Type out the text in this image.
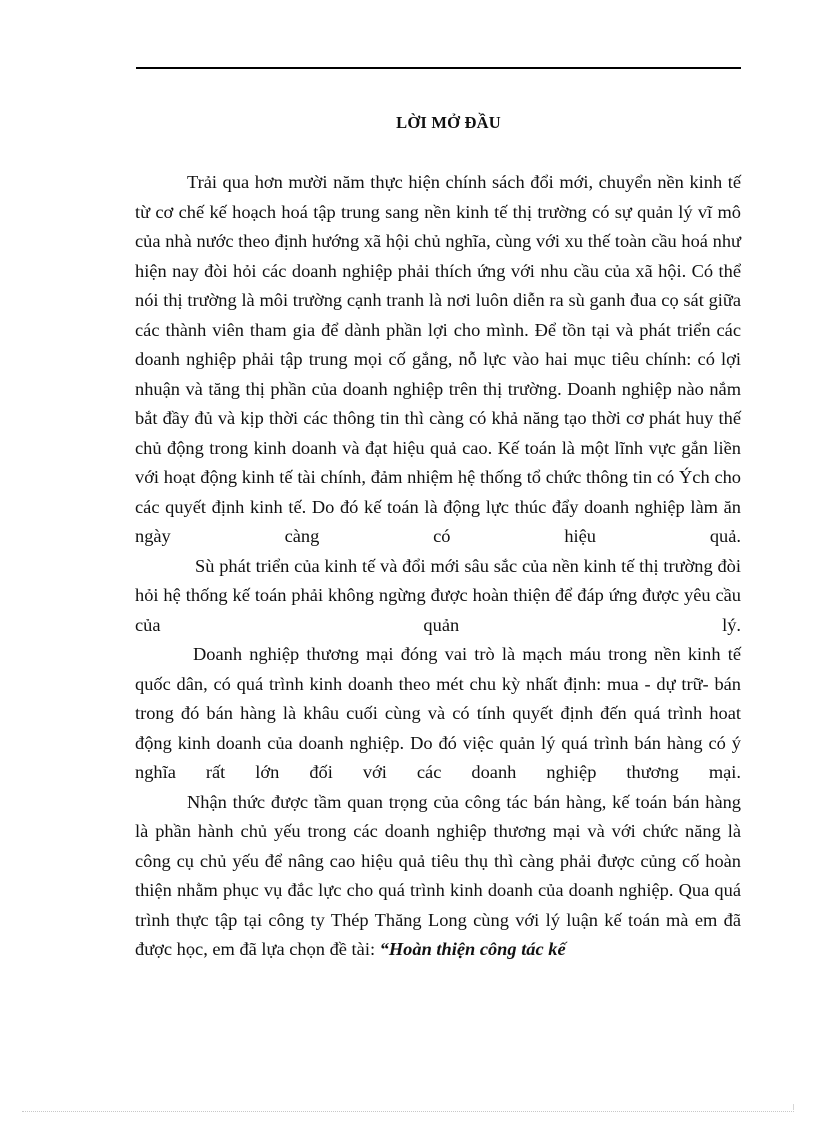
LỜI MỞ ĐẦU

Trải qua hơn mười năm thực hiện chính sách đổi mới, chuyển nền kinh tế từ cơ chế kế hoạch hoá tập trung sang nền kinh tế thị trường có sự quản lý vĩ mô của nhà nước theo định hướng xã hội chủ nghĩa, cùng với xu thế toàn cầu hoá như hiện nay đòi hỏi các doanh nghiệp phải thích ứng với nhu cầu của xã hội. Có thể nói thị trường là môi trường cạnh tranh là nơi luôn diễn ra sù ganh đua cọ sát giữa các thành viên tham gia để dành phần lợi cho mình. Để tồn tại và phát triển các doanh nghiệp phải tập trung mọi cố gắng, nỗ lực vào hai mục tiêu chính: có lợi nhuận và tăng thị phần của doanh nghiệp trên thị trường. Doanh nghiệp nào nắm bắt đầy đủ và kịp thời các thông tin thì càng có khả năng tạo thời cơ phát huy thế chủ động trong kinh doanh và đạt hiệu quả cao. Kế toán là một lĩnh vực gắn liền với hoạt động kinh tế tài chính, đảm nhiệm hệ thống tổ chức thông tin có Ých cho các quyết định kinh tế. Do đó kế toán là động lực thúc đẩy doanh nghiệp làm ăn ngày càng có hiệu quả.

Sù phát triển của kinh tế và đổi mới sâu sắc của nền kinh tế thị trường đòi hỏi hệ thống kế toán phải không ngừng được hoàn thiện để đáp ứng được yêu cầu của quản lý.

Doanh nghiệp thương mại đóng vai trò là mạch máu trong nền kinh tế quốc dân, có quá trình kinh doanh theo mét chu kỳ nhất định: mua - dự trữ- bán trong đó bán hàng là khâu cuối cùng và có tính quyết định đến quá trình hoat động kinh doanh của doanh nghiệp. Do đó việc quản lý quá trình bán hàng có ý nghĩa rất lớn đối với các doanh nghiệp thương mại.

Nhận thức được tầm quan trọng của công tác bán hàng, kế toán bán hàng là phần hành chủ yếu trong các doanh nghiệp thương mại và với chức năng là công cụ chủ yếu để nâng cao hiệu quả tiêu thụ thì càng phải được củng cố hoàn thiện nhằm phục vụ đắc lực cho quá trình kinh doanh của doanh nghiệp. Qua quá trình thực tập tại công ty Thép Thăng Long cùng với lý luận kế toán mà em đã được học, em đã lựa chọn đề tài: “Hoàn thiện công tác kế
